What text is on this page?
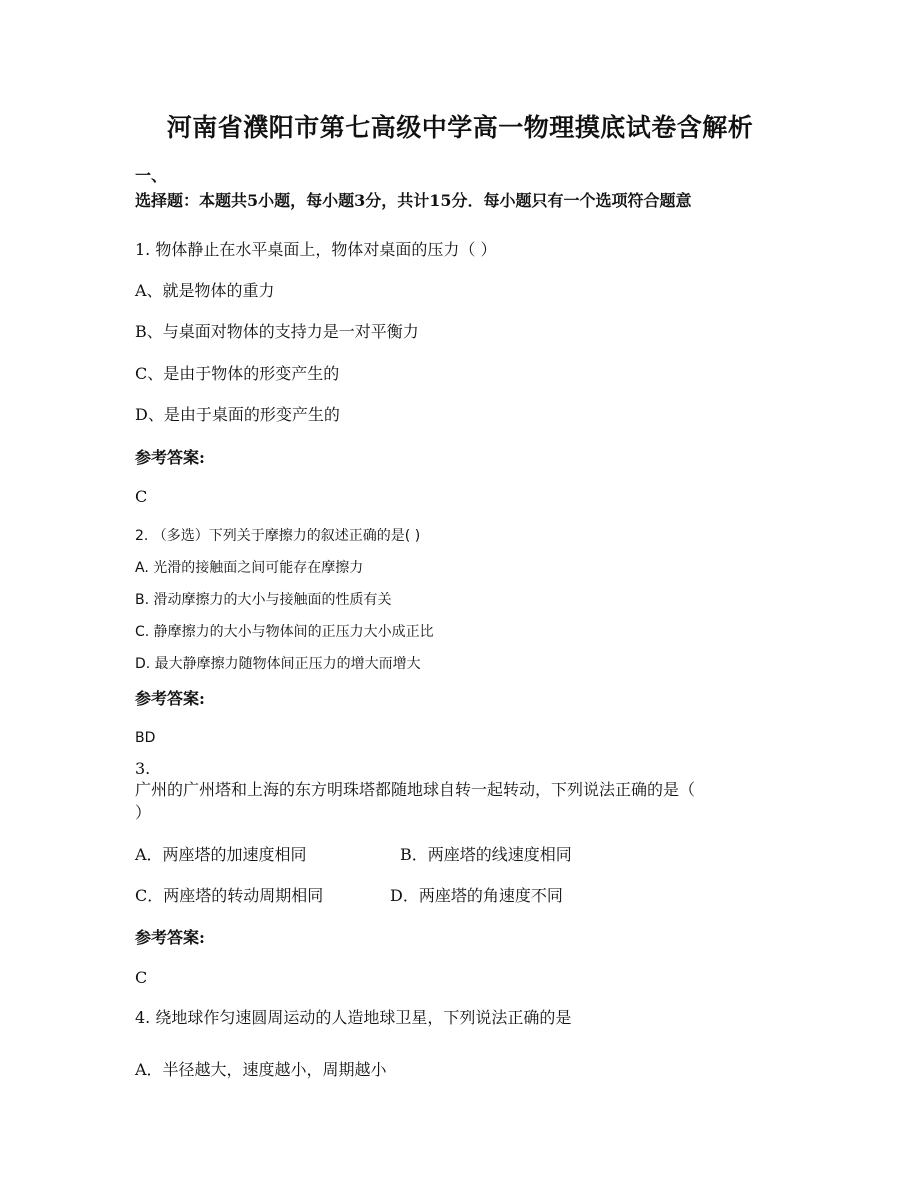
河南省濮阳市第七高级中学高一物理摸底试卷含解析
一、
选择题：本题共5小题，每小题3分，共计15分．每小题只有一个选项符合题意
1. 物体静止在水平桌面上，物体对桌面的压力（ ）
A、就是物体的重力
B、与桌面对物体的支持力是一对平衡力
C、是由于物体的形变产生的
D、是由于桌面的形变产生的
参考答案:
C
2. （多选）下列关于摩擦力的叙述正确的是( )
A. 光滑的接触面之间可能存在摩擦力
B. 滑动摩擦力的大小与接触面的性质有关
C. 静摩擦力的大小与物体间的正压力大小成正比
D. 最大静摩擦力随物体间正压力的增大而增大
参考答案:
BD
3.
广州的广州塔和上海的东方明珠塔都随地球自转一起转动，下列说法正确的是（
）
A．两座塔的加速度相同	B．两座塔的线速度相同
C．两座塔的转动周期相同	D．两座塔的角速度不同
参考答案:
C
4. 绕地球作匀速圆周运动的人造地球卫星，下列说法正确的是
A．半径越大，速度越小，周期越小
